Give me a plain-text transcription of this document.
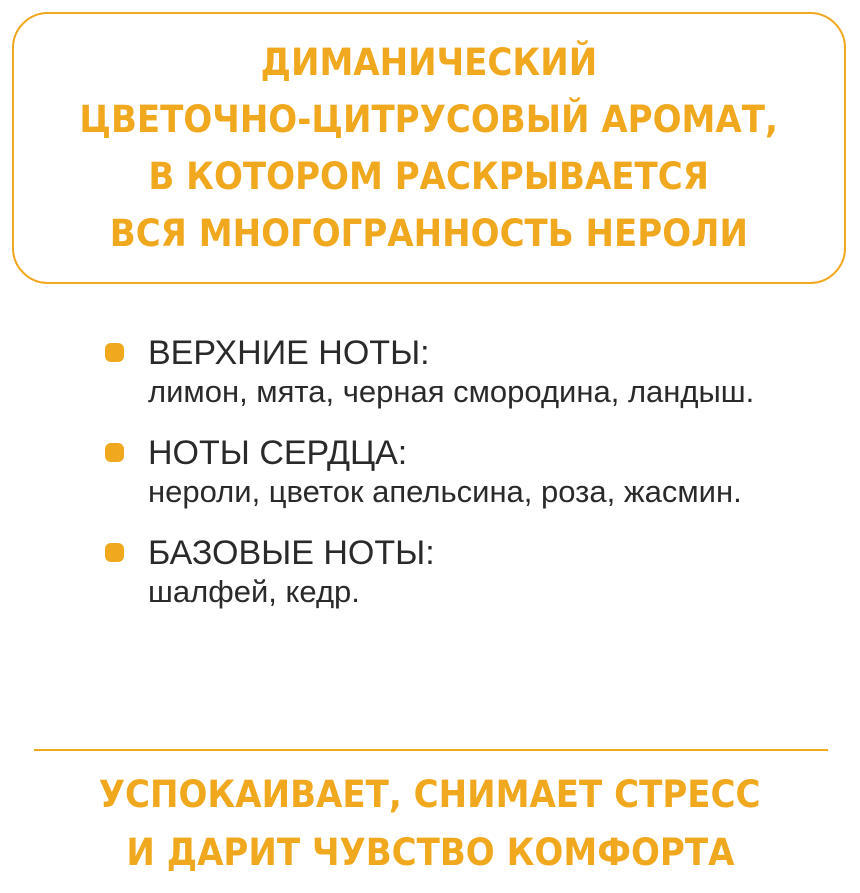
ДИМАНИЧЕСКИЙ
ЦВЕТОЧНО-ЦИТРУСОВЫЙ АРОМАТ,
В КОТОРОМ РАСКРЫВАЕТСЯ
ВСЯ МНОГОГРАННОСТЬ НЕРОЛИ
ВЕРХНИЕ НОТЫ:
лимон, мята, черная смородина, ландыш.
НОТЫ СЕРДЦА:
нероли, цветок апельсина, роза, жасмин.
БАЗОВЫЕ НОТЫ:
шалфей, кедр.
УСПОКАИВАЕТ, СНИМАЕТ СТРЕСС
И ДАРИТ ЧУВСТВО КОМФОРТА
